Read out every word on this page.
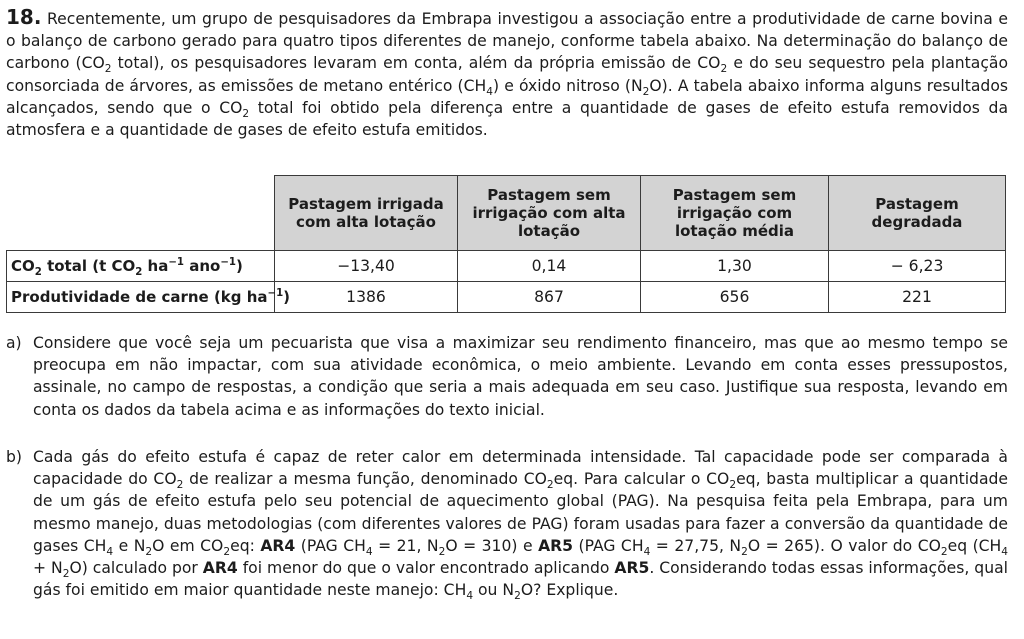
18. Recentemente, um grupo de pesquisadores da Embrapa investigou a associação entre a produtividade de carne bovina e o balanço de carbono gerado para quatro tipos diferentes de manejo, conforme tabela abaixo. Na determinação do balanço de carbono ($CO_2$ total), os pesquisadores levaram em conta, além da própria emissão de $CO_2$ e do seu sequestro pela plantação consorciada de árvores, as emissões de metano entérico $(CH_4)$ e óxido nitroso $(N_2O)$. A tabela abaixo informa alguns resultados alcançados, sendo que o $CO_2$ total foi obtido pela diferença entre a quantidade de gases de efeito estufa removidos da atmosfera e a quantidade de gases de efeito estufa emitidos.
	Pastagem irrigada com alta lotação	Pastagem sem irrigação com alta lotação	Pastagem sem irrigação com lotação média	Pastagem degradada
$CO_2$ total (t $CO_2$ $ha^{-1}$ ano$^{-1}$)	−13,40	0,14	1,30	− 6,23
Produtividade de carne (kg $ha^{-1}$)	1386	867	656	221
a) Considere que você seja um pecuarista que visa a maximizar seu rendimento financeiro, mas que ao mesmo tempo se preocupa em não impactar, com sua atividade econômica, o meio ambiente. Levando em conta esses pressupostos, assinale, no campo de respostas, a condição que seria a mais adequada em seu caso. Justifique sua resposta, levando em conta os dados da tabela acima e as informações do texto inicial.
b) Cada gás do efeito estufa é capaz de reter calor em determinada intensidade. Tal capacidade pode ser comparada à capacidade do $CO_2$ de realizar a mesma função, denominado $CO_2eq$. Para calcular o $CO_2eq$, basta multiplicar a quantidade de um gás de efeito estufa pelo seu potencial de aquecimento global (PAG). Na pesquisa feita pela Embrapa, para um mesmo manejo, duas metodologias (com diferentes valores de PAG) foram usadas para fazer a conversão da quantidade de gases $CH_4$ e $N_2O$ em $CO_2eq$: AR4 (PAG $CH_4 = 21$, $N_2O = 310$) e AR5 (PAG $CH_4 = 27,75$, $N_2O = 265$). O valor do $CO_2eq$ $(CH_4 + N_2O)$ calculado por AR4 foi menor do que o valor encontrado aplicando AR5. Considerando todas essas informações, qual gás foi emitido em maior quantidade neste manejo: $CH_4$ ou $N_2O$? Explique.
